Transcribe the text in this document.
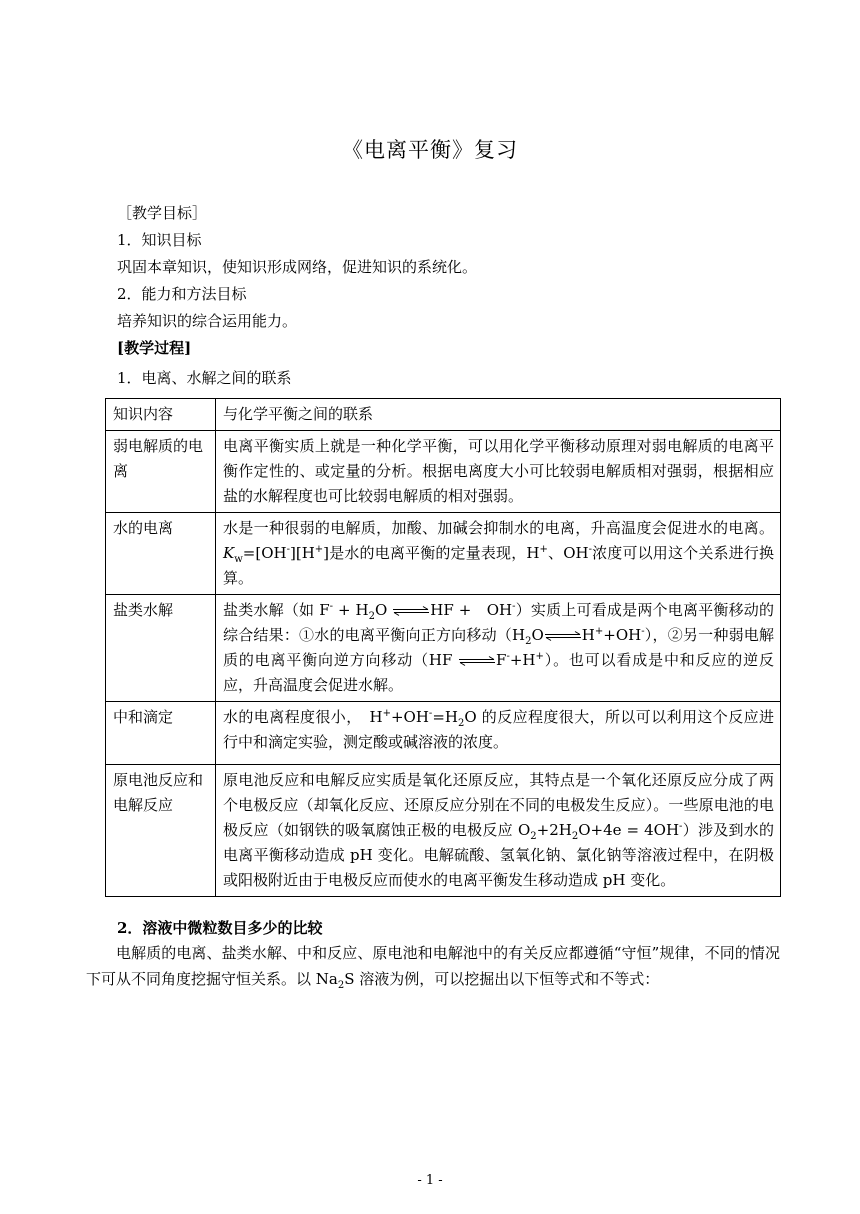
《电离平衡》复习
［教学目标］
1．知识目标
巩固本章知识，使知识形成网络，促进知识的系统化。
2．能力和方法目标
培养知识的综合运用能力。
[教学过程]
1．电离、水解之间的联系
知识内容	与化学平衡之间的联系
弱电解质的电离	电离平衡实质上就是一种化学平衡，可以用化学平衡移动原理对弱电解质的电离平衡作定性的、或定量的分析。根据电离度大小可比较弱电解质相对强弱，根据相应盐的水解程度也可比较弱电解质的相对强弱。
水的电离	水是一种很弱的电解质，加酸、加碱会抑制水的电离，升高温度会促进水的电离。$K_w=[OH^-][H^+]$是水的电离平衡的定量表现，H+、OH-浓度可以用这个关系进行换算。
盐类水解	盐类水解（如 $F^- + H_2O$ ⇌HF +　OH-）实质上可看成是两个电离平衡移动的综合结果：①水的电离平衡向正方向移动$(H_2O\rightleftharpoons H^++OH^-)$，②另一种弱电解质的电离平衡向逆方向移动（HF ⇌F-+H+）。也可以看成是中和反应的逆反应，升高温度会促进水解。
中和滴定	水的电离程度很小，　$H^++OH^-=H_2O$ 的反应程度很大，所以可以利用这个反应进行中和滴定实验，测定酸或碱溶液的浓度。
原电池反应和电解反应	原电池反应和电解反应实质是氧化还原反应，其特点是一个氧化还原反应分成了两个电极反应（却氧化反应、还原反应分别在不同的电极发生反应）。一些原电池的电极反应（如钢铁的吸氧腐蚀正极的电极反应 $O_2+2H_2O+4e = 4OH^-$）涉及到水的电离平衡移动造成 pH 变化。电解硫酸、氢氧化钠、氯化钠等溶液过程中，在阴极或阳极附近由于电极反应而使水的电离平衡发生移动造成 pH 变化。
2．溶液中微粒数目多少的比较
电解质的电离、盐类水解、中和反应、原电池和电解池中的有关反应都遵循“守恒”规律，不同的情况下可从不同角度挖掘守恒关系。以 $Na_2S$ 溶液为例，可以挖掘出以下恒等式和不等式：
- 1 -
